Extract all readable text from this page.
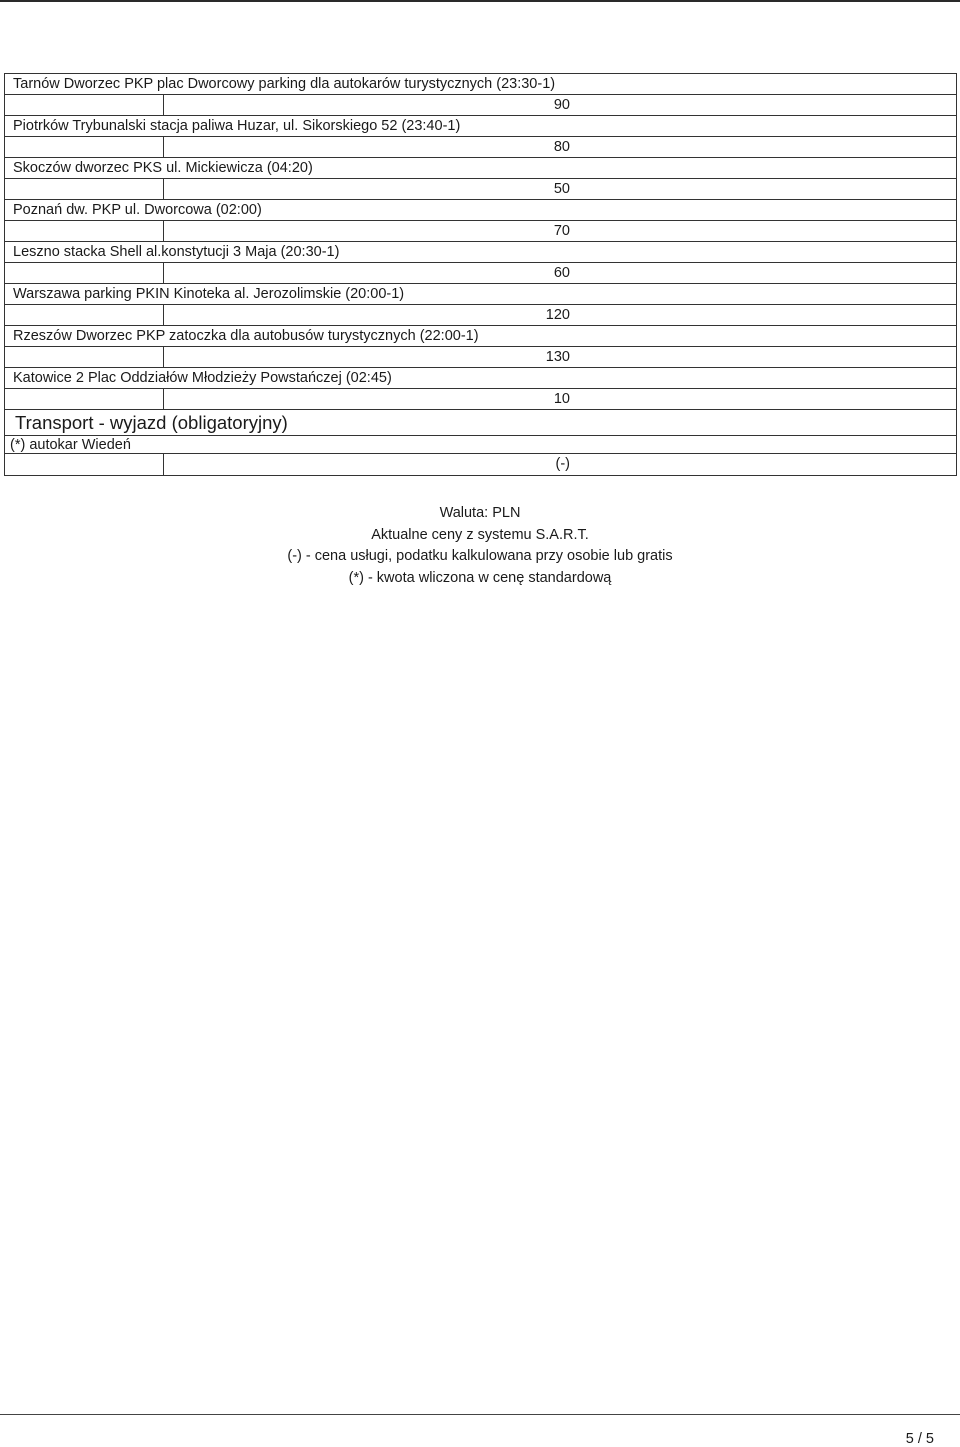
Tarnów Dworzec PKP plac Dworcowy parking dla autokarów turystycznych (23:30-1)
90
Piotrków Trybunalski stacja paliwa Huzar, ul. Sikorskiego 52 (23:40-1)
80
Skoczów dworzec PKS ul. Mickiewicza (04:20)
50
Poznań dw. PKP ul. Dworcowa (02:00)
70
Leszno stacka Shell al.konstytucji 3 Maja (20:30-1)
60
Warszawa parking PKIN Kinoteka al. Jerozolimskie (20:00-1)
120
Rzeszów Dworzec PKP zatoczka dla autobusów turystycznych (22:00-1)
130
Katowice 2 Plac Oddziałów Młodzieży Powstańczej (02:45)
10
Transport - wyjazd (obligatoryjny)
(*) autokar Wiedeń
(-)
Waluta: PLN
Aktualne ceny z systemu S.A.R.T.
(-) - cena usługi, podatku kalkulowana przy osobie lub gratis
(*) - kwota wliczona w cenę standardową
5 / 5
